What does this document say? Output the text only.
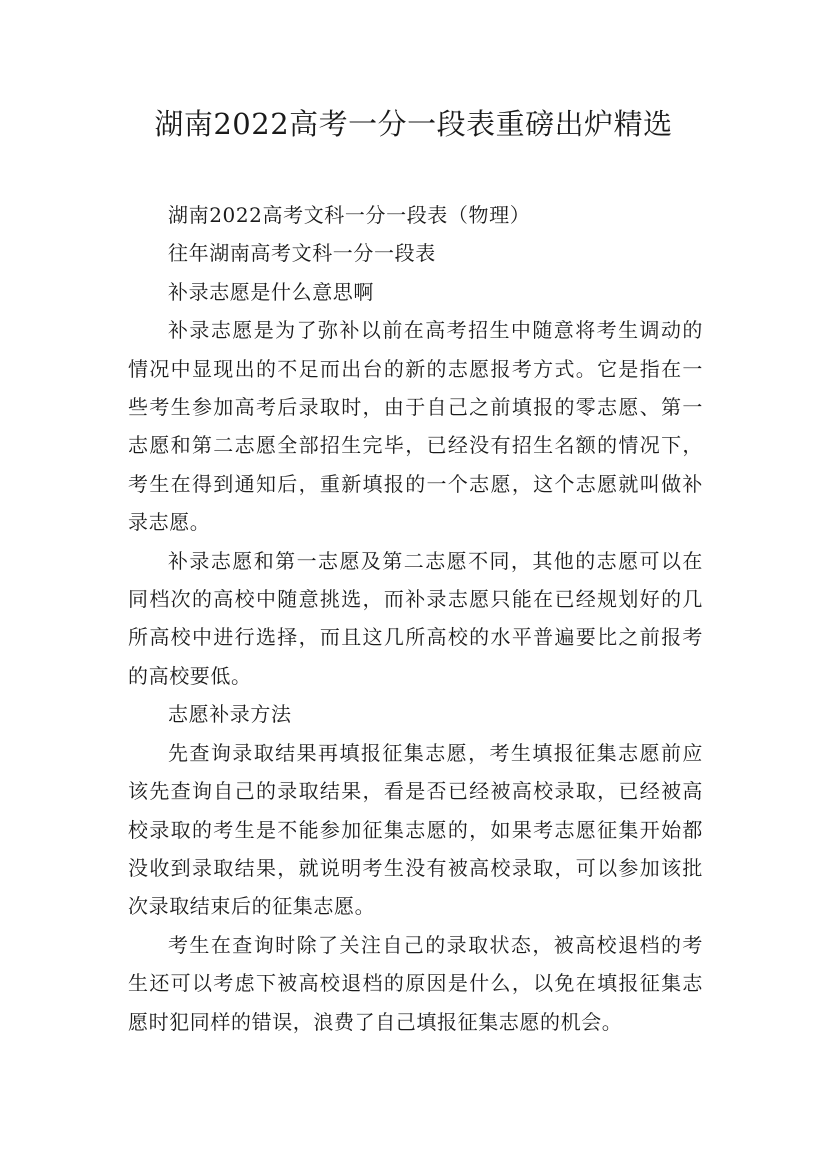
湖南2022高考一分一段表重磅出炉精选

湖南2022高考文科一分一段表（物理）

往年湖南高考文科一分一段表

补录志愿是什么意思啊

补录志愿是为了弥补以前在高考招生中随意将考生调动的情况中显现出的不足而出台的新的志愿报考方式。它是指在一些考生参加高考后录取时，由于自己之前填报的零志愿、第一志愿和第二志愿全部招生完毕，已经没有招生名额的情况下，考生在得到通知后，重新填报的一个志愿，这个志愿就叫做补录志愿。

补录志愿和第一志愿及第二志愿不同，其他的志愿可以在同档次的高校中随意挑选，而补录志愿只能在已经规划好的几所高校中进行选择，而且这几所高校的水平普遍要比之前报考的高校要低。

志愿补录方法

先查询录取结果再填报征集志愿，考生填报征集志愿前应该先查询自己的录取结果，看是否已经被高校录取，已经被高校录取的考生是不能参加征集志愿的，如果考志愿征集开始都没收到录取结果，就说明考生没有被高校录取，可以参加该批次录取结束后的征集志愿。

考生在查询时除了关注自己的录取状态，被高校退档的考生还可以考虑下被高校退档的原因是什么，以免在填报征集志愿时犯同样的错误，浪费了自己填报征集志愿的机会。
